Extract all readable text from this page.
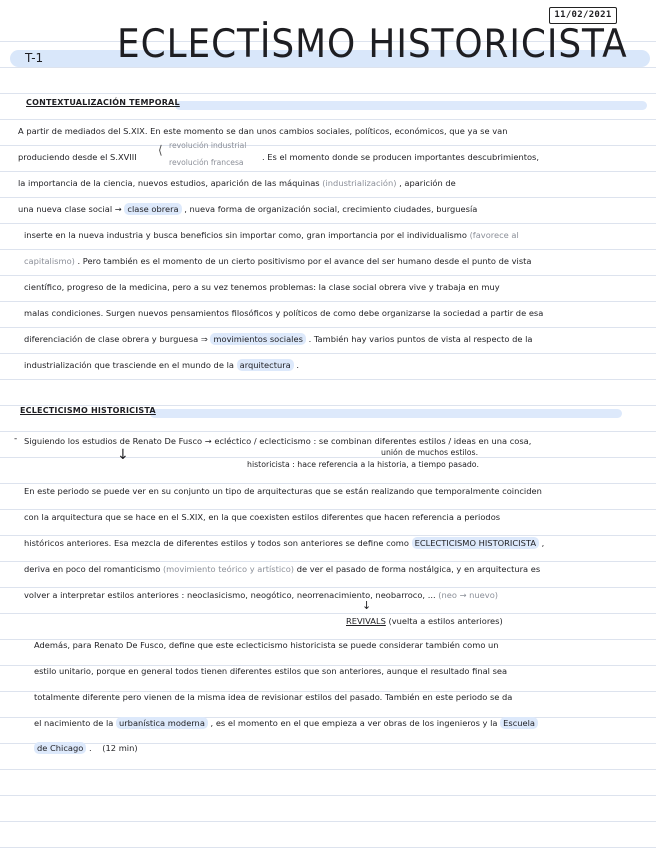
11/02/2021
T-1 ECLECTİSMO HISTORICISTA
CONTEXTUALIZACIÓN TEMPORAL
A partir de mediados del S.XIX. En este momento se dan unos cambios sociales, políticos, económicos, que ya se van
produciendo desde el S.XVIII ⟨ revolución industrial
revolución francesa
. Es el momento donde se producen importantes descubrimientos,
la importancia de la ciencia, nuevos estudios, aparición de las máquinas (industrialización) , aparición de
una nueva clase social → clase obrera , nueva forma de organización social, crecimiento ciudades, burguesía
inserte en la nueva industria y busca beneficios sin importar como, gran importancia por el individualismo (favorece al
capitalismo) . Pero también es el momento de un cierto positivismo por el avance del ser humano desde el punto de vista
científico, progreso de la medicina, pero a su vez tenemos problemas: la clase social obrera vive y trabaja en muy
malas condiciones. Surgen nuevos pensamientos filosóficos y políticos de como debe organizarse la sociedad a partir de esa
diferenciación de clase obrera y burguesa ⇒ movimientos sociales . También hay varios puntos de vista al respecto de la
industrialización que trasciende en el mundo de la arquitectura .
ECLECTICISMO HISTORICISTA
- Siguiendo los estudios de Renato De Fusco → ecléctico / eclecticismo : se combinan diferentes estilos / ideas en una cosa,
unión de muchos estilos.
↓
historicista : hace referencia a la historia, a tiempo pasado.
En este periodo se puede ver en su conjunto un tipo de arquitecturas que se están realizando que temporalmente coinciden
con la arquitectura que se hace en el S.XIX, en la que coexisten estilos diferentes que hacen referencia a periodos
históricos anteriores. Esa mezcla de diferentes estilos y todos son anteriores se define como ECLECTICISMO HISTORICISTA ,
deriva en poco del romanticismo (movimiento teórico y artístico) de ver el pasado de forma nostálgica, y en arquitectura es
volver a interpretar estilos anteriores : neoclasicismo, neogótico, neorrenacimiento, neobarroco, ... (neo → nuevo)
↓
REVIVALS (vuelta a estilos anteriores)
Además, para Renato De Fusco, define que este eclecticismo historicista se puede considerar también como un
estilo unitario, porque en general todos tienen diferentes estilos que son anteriores, aunque el resultado final sea
totalmente diferente pero vienen de la misma idea de revisionar estilos del pasado. También en este periodo se da
el nacimiento de la urbanística moderna , es el momento en el que empieza a ver obras de los ingenieros y la Escuela
de Chicago . (12 min)
